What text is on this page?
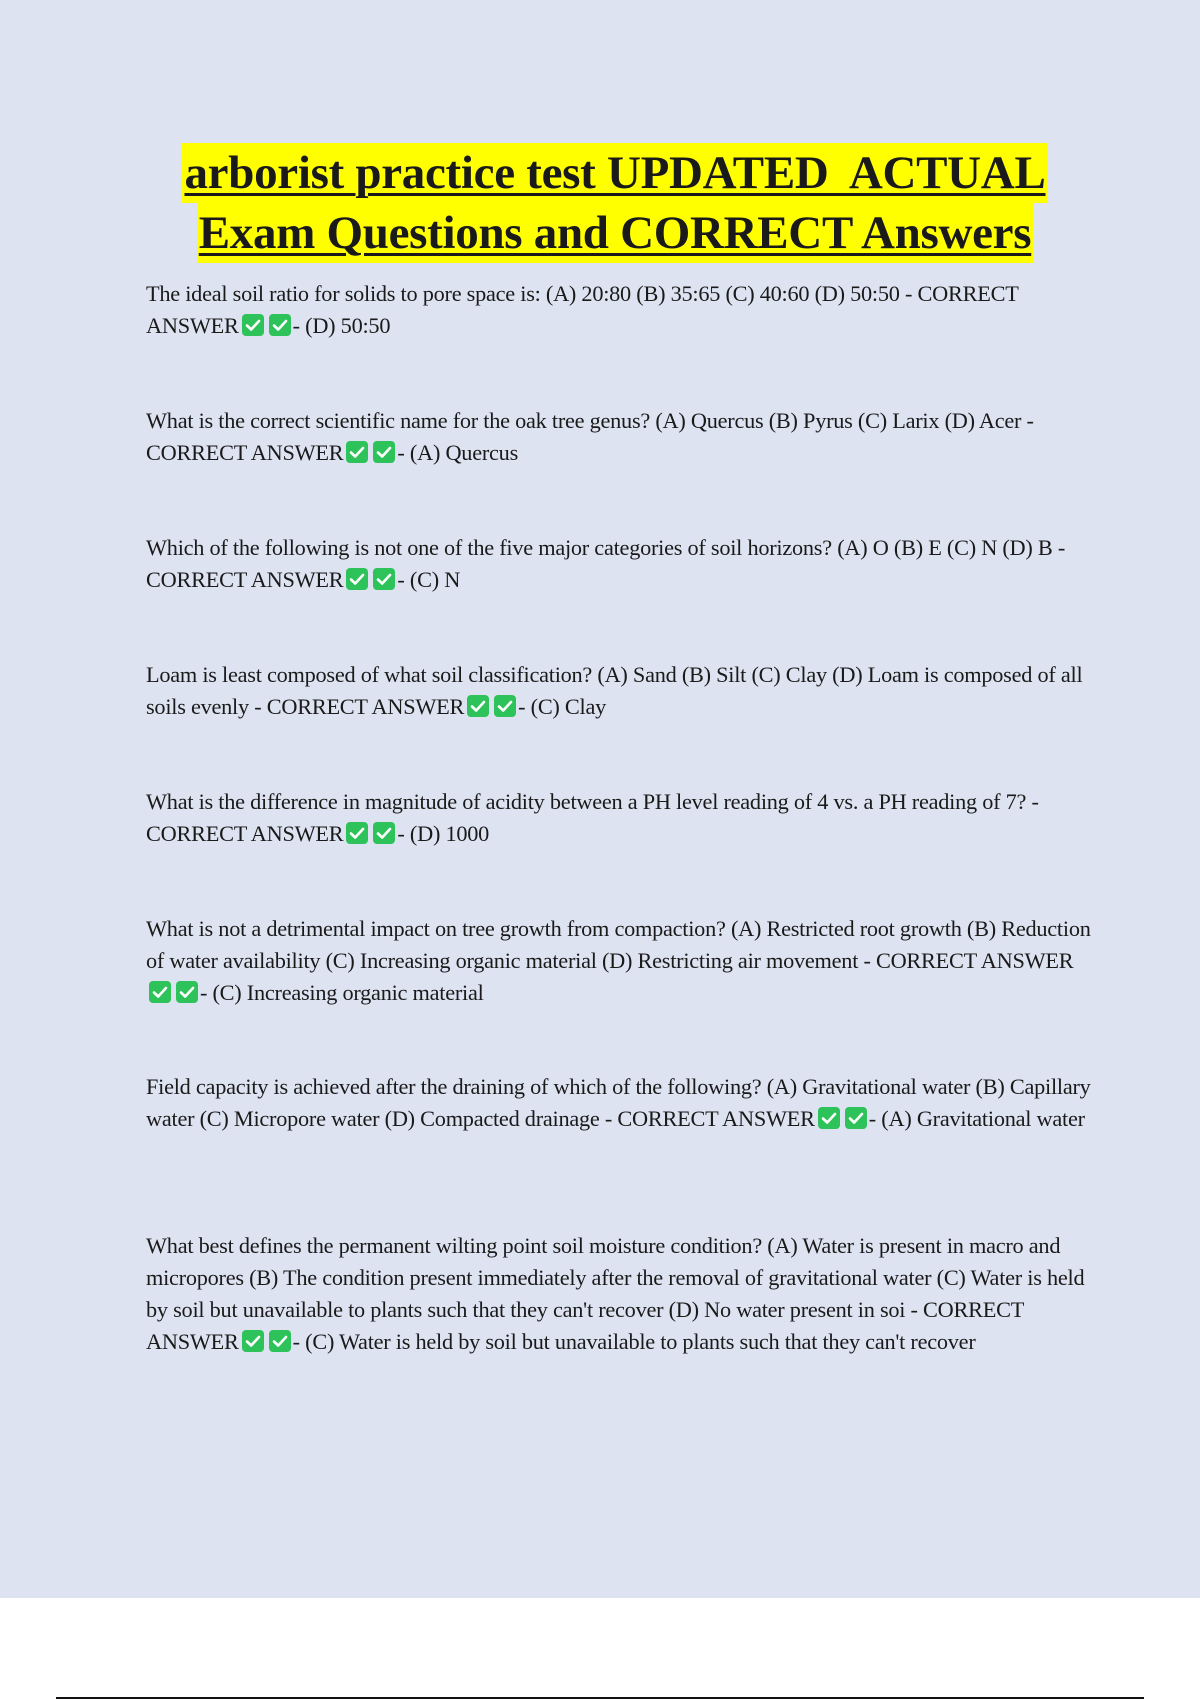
arborist practice test UPDATED  ACTUAL
Exam Questions and CORRECT Answers
The ideal soil ratio for solids to pore space is: (A) 20:80 (B) 35:65 (C) 40:60 (D) 50:50 - CORRECT ANSWER - (D) 50:50
What is the correct scientific name for the oak tree genus? (A) Quercus (B) Pyrus (C) Larix (D) Acer - CORRECT ANSWER - (A) Quercus
Which of the following is not one of the five major categories of soil horizons? (A) O (B) E (C) N (D) B - CORRECT ANSWER - (C) N
Loam is least composed of what soil classification? (A) Sand (B) Silt (C) Clay (D) Loam is composed of all soils evenly - CORRECT ANSWER - (C) Clay
What is the difference in magnitude of acidity between a PH level reading of 4 vs. a PH reading of 7? - CORRECT ANSWER - (D) 1000
What is not a detrimental impact on tree growth from compaction? (A) Restricted root growth (B) Reduction of water availability (C) Increasing organic material (D) Restricting air movement - CORRECT ANSWER
- (C) Increasing organic material
Field capacity is achieved after the draining of which of the following? (A) Gravitational water (B) Capillary water (C) Micropore water (D) Compacted drainage - CORRECT ANSWER - (A) Gravitational water
What best defines the permanent wilting point soil moisture condition? (A) Water is present in macro and micropores (B) The condition present immediately after the removal of gravitational water (C) Water is held by soil but unavailable to plants such that they can't recover (D) No water present in soi - CORRECT ANSWER - (C) Water is held by soil but unavailable to plants such that they can't recover
